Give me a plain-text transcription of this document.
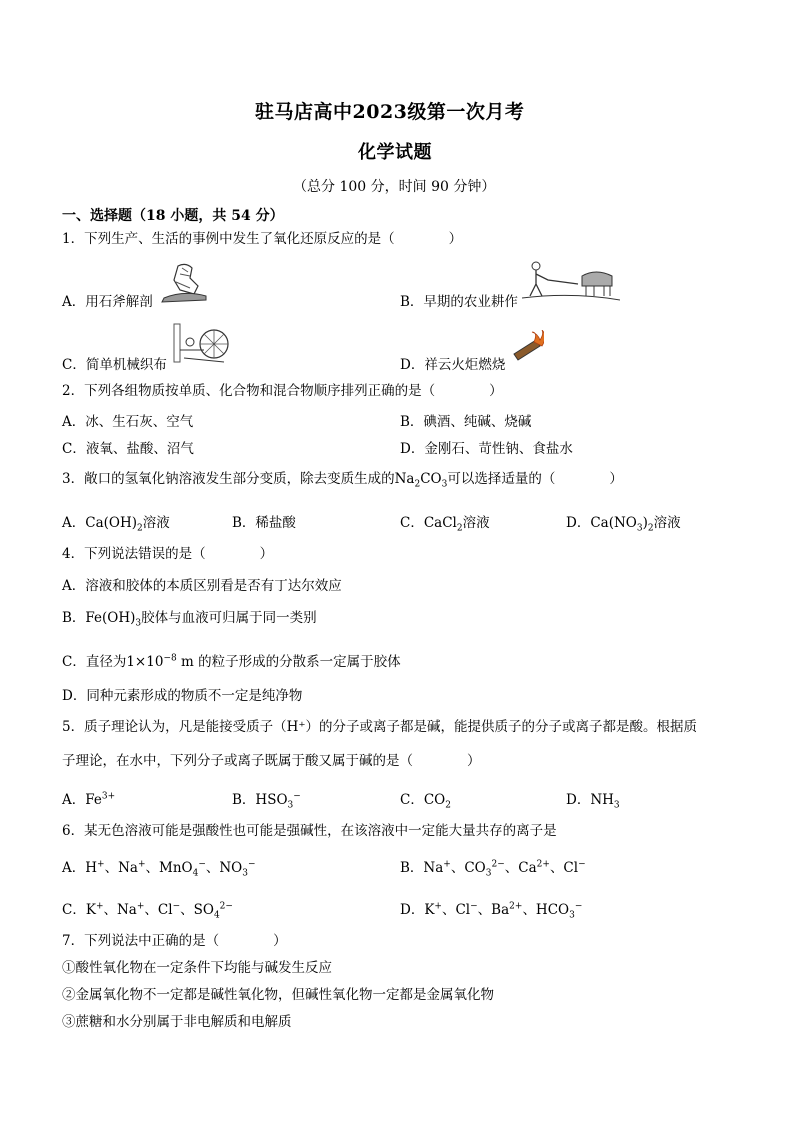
驻马店高中2023级第一次月考
化学试题
（总分 100 分，时间 90 分钟）
一、选择题（18 小题，共 54 分）
1．下列生产、生活的事例中发生了氧化还原反应的是（　　　　）
A．用石斧解剖	B．早期的农业耕作
C．简单机械织布	D．祥云火炬燃烧
2．下列各组物质按单质、化合物和混合物顺序排列正确的是（　　　　）
A．冰、生石灰、空气	B．碘酒、纯碱、烧碱
C．液氧、盐酸、沼气	D．金刚石、苛性钠、食盐水
3．敞口的氢氧化钠溶液发生部分变质，除去变质生成的$Na_2CO_3$可以选择适量的（　　　　）
A．$Ca(OH)_2$溶液	B．稀盐酸	C．CaCl$_2$溶液	D．$Ca(NO_3)_2$溶液
4．下列说法错误的是（　　　　）
A．溶液和胶体的本质区别看是否有丁达尔效应
B．$Fe(OH)_3$胶体与血液可归属于同一类别
C．直径为$1\times 10^{-8}$ m 的粒子形成的分散系一定属于胶体
D．同种元素形成的物质不一定是纯净物
5．质子理论认为，凡是能接受质子（H⁺）的分子或离子都是碱，能提供质子的分子或离子都是酸。根据质
子理论，在水中，下列分子或离子既属于酸又属于碱的是（　　　　）
A．$Fe^{3+}$	B．$HSO_3^-$	C．$CO_2$	D．$NH_3$
6．某无色溶液可能是强酸性也可能是强碱性，在该溶液中一定能大量共存的离子是
A．H+、Na+、MnO$_4$−、$NO_3^-$	B．Na+、$CO_3^{2-}$、$Ca^{2+}$、Cl−
C．K+、Na+、Cl−、$SO_4^{2-}$	D．K+、Cl−、$Ba^{2+}$、$HCO_3^-$
7．下列说法中正确的是（　　　　）
①酸性氧化物在一定条件下均能与碱发生反应
②金属氧化物不一定都是碱性氧化物，但碱性氧化物一定都是金属氧化物
③蔗糖和水分别属于非电解质和电解质
